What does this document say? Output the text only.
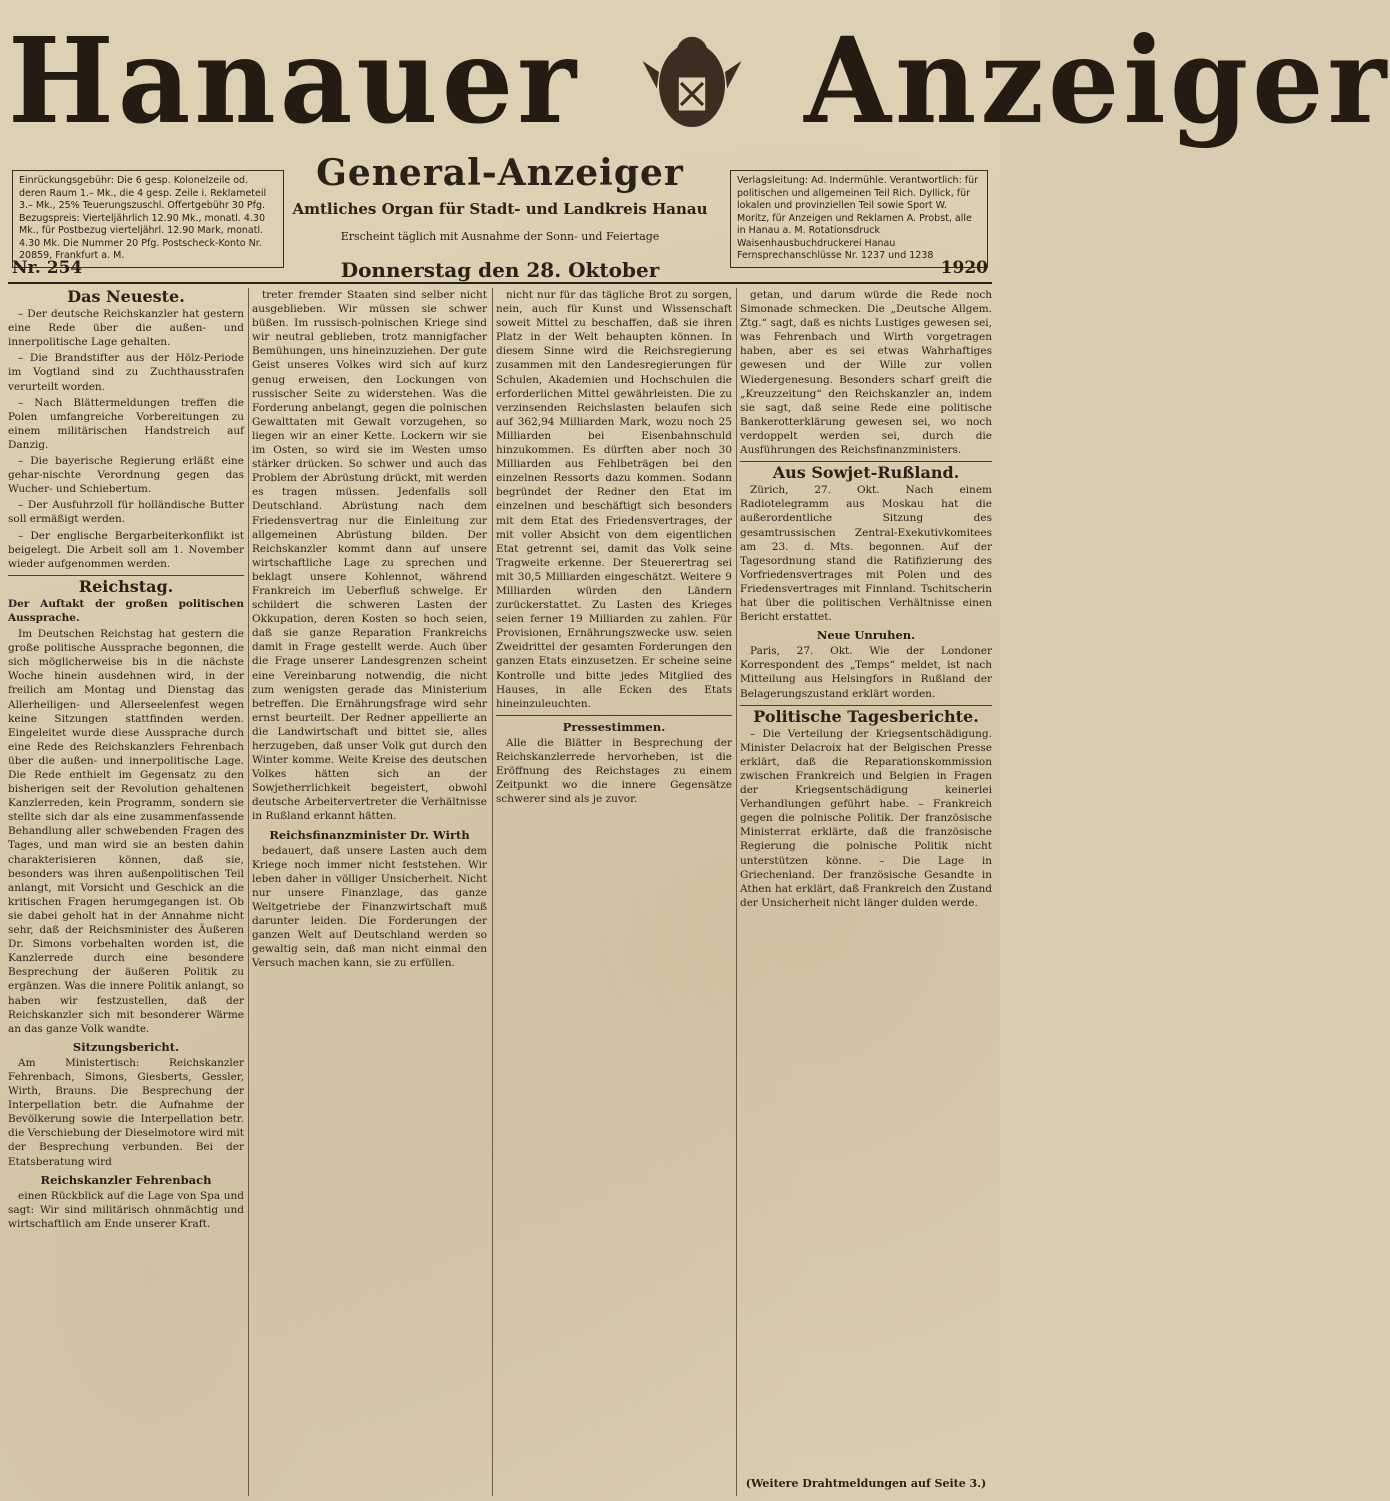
Hanauer Anzeiger
General-Anzeiger
Amtliches Organ für Stadt- und Landkreis Hanau
Erscheint täglich mit Ausnahme der Sonn- und Feiertage
Einrückungsgebühr: Die 6 gesp. Kolonelzeile od. deren Raum 1.– Mk., die 4 gesp. Zeile i. Reklameteil 3.– Mk., 25% Teuerungszuschl. Offertgebühr 30 Pfg. Bezugspreis: Vierteljährlich 12.90 Mk., monatl. 4.30 Mk., für Postbezug vierteljährl. 12.90 Mark, monatl. 4.30 Mk. Die Nummer 20 Pfg. Postscheck-Konto Nr. 20859, Frankfurt a. M.
Verlagsleitung: Ad. Indermühle. Verantwortlich: für politischen und allgemeinen Teil Rich. Dyllick, für lokalen und provinziellen Teil sowie Sport W. Moritz, für Anzeigen und Reklamen A. Probst, alle in Hanau a. M. Rotationsdruck Waisenhausbuchdruckerei Hanau Fernsprechanschlüsse Nr. 1237 und 1238
Nr. 254	Donnerstag den 28. Oktober	1920
Das Neueste.

– Der deutsche Reichskanzler hat gestern eine Rede über die außen- und innerpolitische Lage gehalten.

– Die Brandstifter aus der Hölz-Periode im Vogtland sind zu Zuchthausstrafen verurteilt worden.

– Nach Blättermeldungen treffen die Polen umfangreiche Vorbereitungen zu einem militärischen Handstreich auf Danzig.

– Die bayerische Regierung erläßt eine gehar-nischte Verordnung gegen das Wucher- und Schiebertum.

– Der Ausfuhrzoll für holländische Butter soll ermäßigt werden.

– Der englische Bergarbeiterkonflikt ist beigelegt. Die Arbeit soll am 1. November wieder aufgenommen werden.

Reichstag.

Der Auftakt der großen politischen Aussprache.

Im Deutschen Reichstag hat gestern die große politische Aussprache begonnen, die sich möglicherweise bis in die nächste Woche hinein ausdehnen wird, in der freilich am Montag und Dienstag das Allerheiligen- und Allerseelenfest wegen keine Sitzungen stattfinden werden. Eingeleitet wurde diese Aussprache durch eine Rede des Reichskanzlers Fehrenbach über die außen- und innerpolitische Lage. Die Rede enthielt im Gegensatz zu den bisherigen seit der Revolution gehaltenen Kanzlerreden, kein Programm, sondern sie stellte sich dar als eine zusammenfassende Behandlung aller schwebenden Fragen des Tages, und man wird sie an besten dahin charakterisieren können, daß sie, besonders was ihren außenpolitischen Teil anlangt, mit Vorsicht und Geschick an die kritischen Fragen herumgegangen ist. Ob sie dabei geholt hat in der Annahme nicht sehr, daß der Reichsminister des Äußeren Dr. Simons vorbehalten worden ist, die Kanzlerrede durch eine besondere Besprechung der äußeren Politik zu ergänzen. Was die innere Politik anlangt, so haben wir festzustellen, daß der Reichskanzler sich mit besonderer Wärme an das ganze Volk wandte.

Sitzungsbericht.

Am Ministertisch: Reichskanzler Fehrenbach, Simons, Giesberts, Gessler, Wirth, Brauns. Die Besprechung der Interpellation betr. die Aufnahme der Bevölkerung sowie die Interpellation betr. die Verschiebung der Dieselmotore wird mit der Besprechung verbunden. Bei der Etatsberatung wird

Reichskanzler Fehrenbach

einen Rückblick auf die Lage von Spa und sagt: Wir sind militärisch ohnmächtig und wirtschaftlich am Ende unserer Kraft.

treter fremder Staaten sind selber nicht ausgeblieben. Wir müssen sie schwer büßen. Im russisch-polnischen Kriege sind wir neutral geblieben, trotz mannigfacher Bemühungen, uns hineinzuziehen. Der gute Geist unseres Volkes wird sich auf kurz genug erweisen, den Lockungen von russischer Seite zu widerstehen. Was die Forderung anbelangt, gegen die polnischen Gewalttaten mit Gewalt vorzugehen, so liegen wir an einer Kette. Lockern wir sie im Osten, so wird sie im Westen umso stärker drücken. So schwer und auch das Problem der Abrüstung drückt, mit werden es tragen müssen. Jedenfalls soll Deutschland. Abrüstung nach dem Friedensvertrag nur die Einleitung zur allgemeinen Abrüstung bilden. Der Reichskanzler kommt dann auf unsere wirtschaftliche Lage zu sprechen und beklagt unsere Kohlennot, während Frankreich im Ueberfluß schwelge. Er schildert die schweren Lasten der Okkupation, deren Kosten so hoch seien, daß sie ganze Reparation Frankreichs damit in Frage gestellt werde. Auch über die Frage unserer Landesgrenzen scheint eine Vereinbarung notwendig, die nicht zum wenigsten gerade das Ministerium betreffen. Die Ernährungsfrage wird sehr ernst beurteilt. Der Redner appellierte an die Landwirtschaft und bittet sie, alles herzugeben, daß unser Volk gut durch den Winter komme. Weite Kreise des deutschen Volkes hätten sich an der Sowjetherrlichkeit begeistert, obwohl deutsche Arbeitervertreter die Verhältnisse in Rußland erkannt hätten.

Reichsfinanzminister Dr. Wirth

bedauert, daß unsere Lasten auch dem Kriege noch immer nicht feststehen. Wir leben daher in völliger Unsicherheit. Nicht nur unsere Finanzlage, das ganze Weltgetriebe der Finanzwirtschaft muß darunter leiden. Die Forderungen der ganzen Welt auf Deutschland werden so gewaltig sein, daß man nicht einmal den Versuch machen kann, sie zu erfüllen.

nicht nur für das tägliche Brot zu sorgen, nein, auch für Kunst und Wissenschaft soweit Mittel zu beschaffen, daß sie ihren Platz in der Welt behaupten können. In diesem Sinne wird die Reichsregierung zusammen mit den Landesregierungen für Schulen, Akademien und Hochschulen die erforderlichen Mittel gewährleisten. Die zu verzinsenden Reichslasten belaufen sich auf 362,94 Milliarden Mark, wozu noch 25 Milliarden bei Eisenbahnschuld hinzukommen. Es dürften aber noch 30 Milliarden aus Fehlbeträgen bei den einzelnen Ressorts dazu kommen. Sodann begründet der Redner den Etat im einzelnen und beschäftigt sich besonders mit dem Etat des Friedensvertrages, der mit voller Absicht von dem eigentlichen Etat getrennt sei, damit das Volk seine Tragweite erkenne. Der Steuerertrag sei mit 30,5 Milliarden eingeschätzt. Weitere 9 Milliarden würden den Ländern zurückerstattet. Zu Lasten des Krieges seien ferner 19 Milliarden zu zahlen. Für Provisionen, Ernährungszwecke usw. seien Zweidrittel der gesamten Forderungen den ganzen Etats einzusetzen. Er scheine seine Kontrolle und bitte jedes Mitglied des Hauses, in alle Ecken des Etats hineinzuleuchten.

Pressestimmen.

Alle die Blätter in Besprechung der Reichskanzlerrede hervorheben, ist die Eröffnung des Reichstages zu einem Zeitpunkt wo die innere Gegensätze schwerer sind als je zuvor.

getan, und darum würde die Rede noch Simonade schmecken. Die „Deutsche Allgem. Ztg.“ sagt, daß es nichts Lustiges gewesen sei, was Fehrenbach und Wirth vorgetragen haben, aber es sei etwas Wahrhaftiges gewesen und der Wille zur vollen Wiedergenesung. Besonders scharf greift die „Kreuzzeitung“ den Reichskanzler an, indem sie sagt, daß seine Rede eine politische Bankerotterklärung gewesen sei, wo noch verdoppelt werden sei, durch die Ausführungen des Reichsfinanzministers.

Aus Sowjet-Rußland.

Zürich, 27. Okt. Nach einem Radiotelegramm aus Moskau hat die außerordentliche Sitzung des gesamtrussischen Zentral-Exekutivkomitees am 23. d. Mts. begonnen. Auf der Tagesordnung stand die Ratifizierung des Vorfriedensvertrages mit Polen und des Friedensvertrages mit Finnland. Tschitscherin hat über die politischen Verhältnisse einen Bericht erstattet.

Neue Unruhen.

Paris, 27. Okt. Wie der Londoner Korrespondent des „Temps“ meldet, ist nach Mitteilung aus Helsingfors in Rußland der Belagerungszustand erklärt worden.

Politische Tagesberichte.

– Die Verteilung der Kriegsentschädigung. Minister Delacroix hat der Belgischen Presse erklärt, daß die Reparationskommission zwischen Frankreich und Belgien in Fragen der Kriegsentschädigung keinerlei Verhandlungen geführt habe. – Frankreich gegen die polnische Politik. Der französische Ministerrat erklärte, daß die französische Regierung die polnische Politik nicht unterstützen könne. – Die Lage in Griechenland. Der französische Gesandte in Athen hat erklärt, daß Frankreich den Zustand der Unsicherheit nicht länger dulden werde.

(Weitere Drahtmeldungen auf Seite 3.)
